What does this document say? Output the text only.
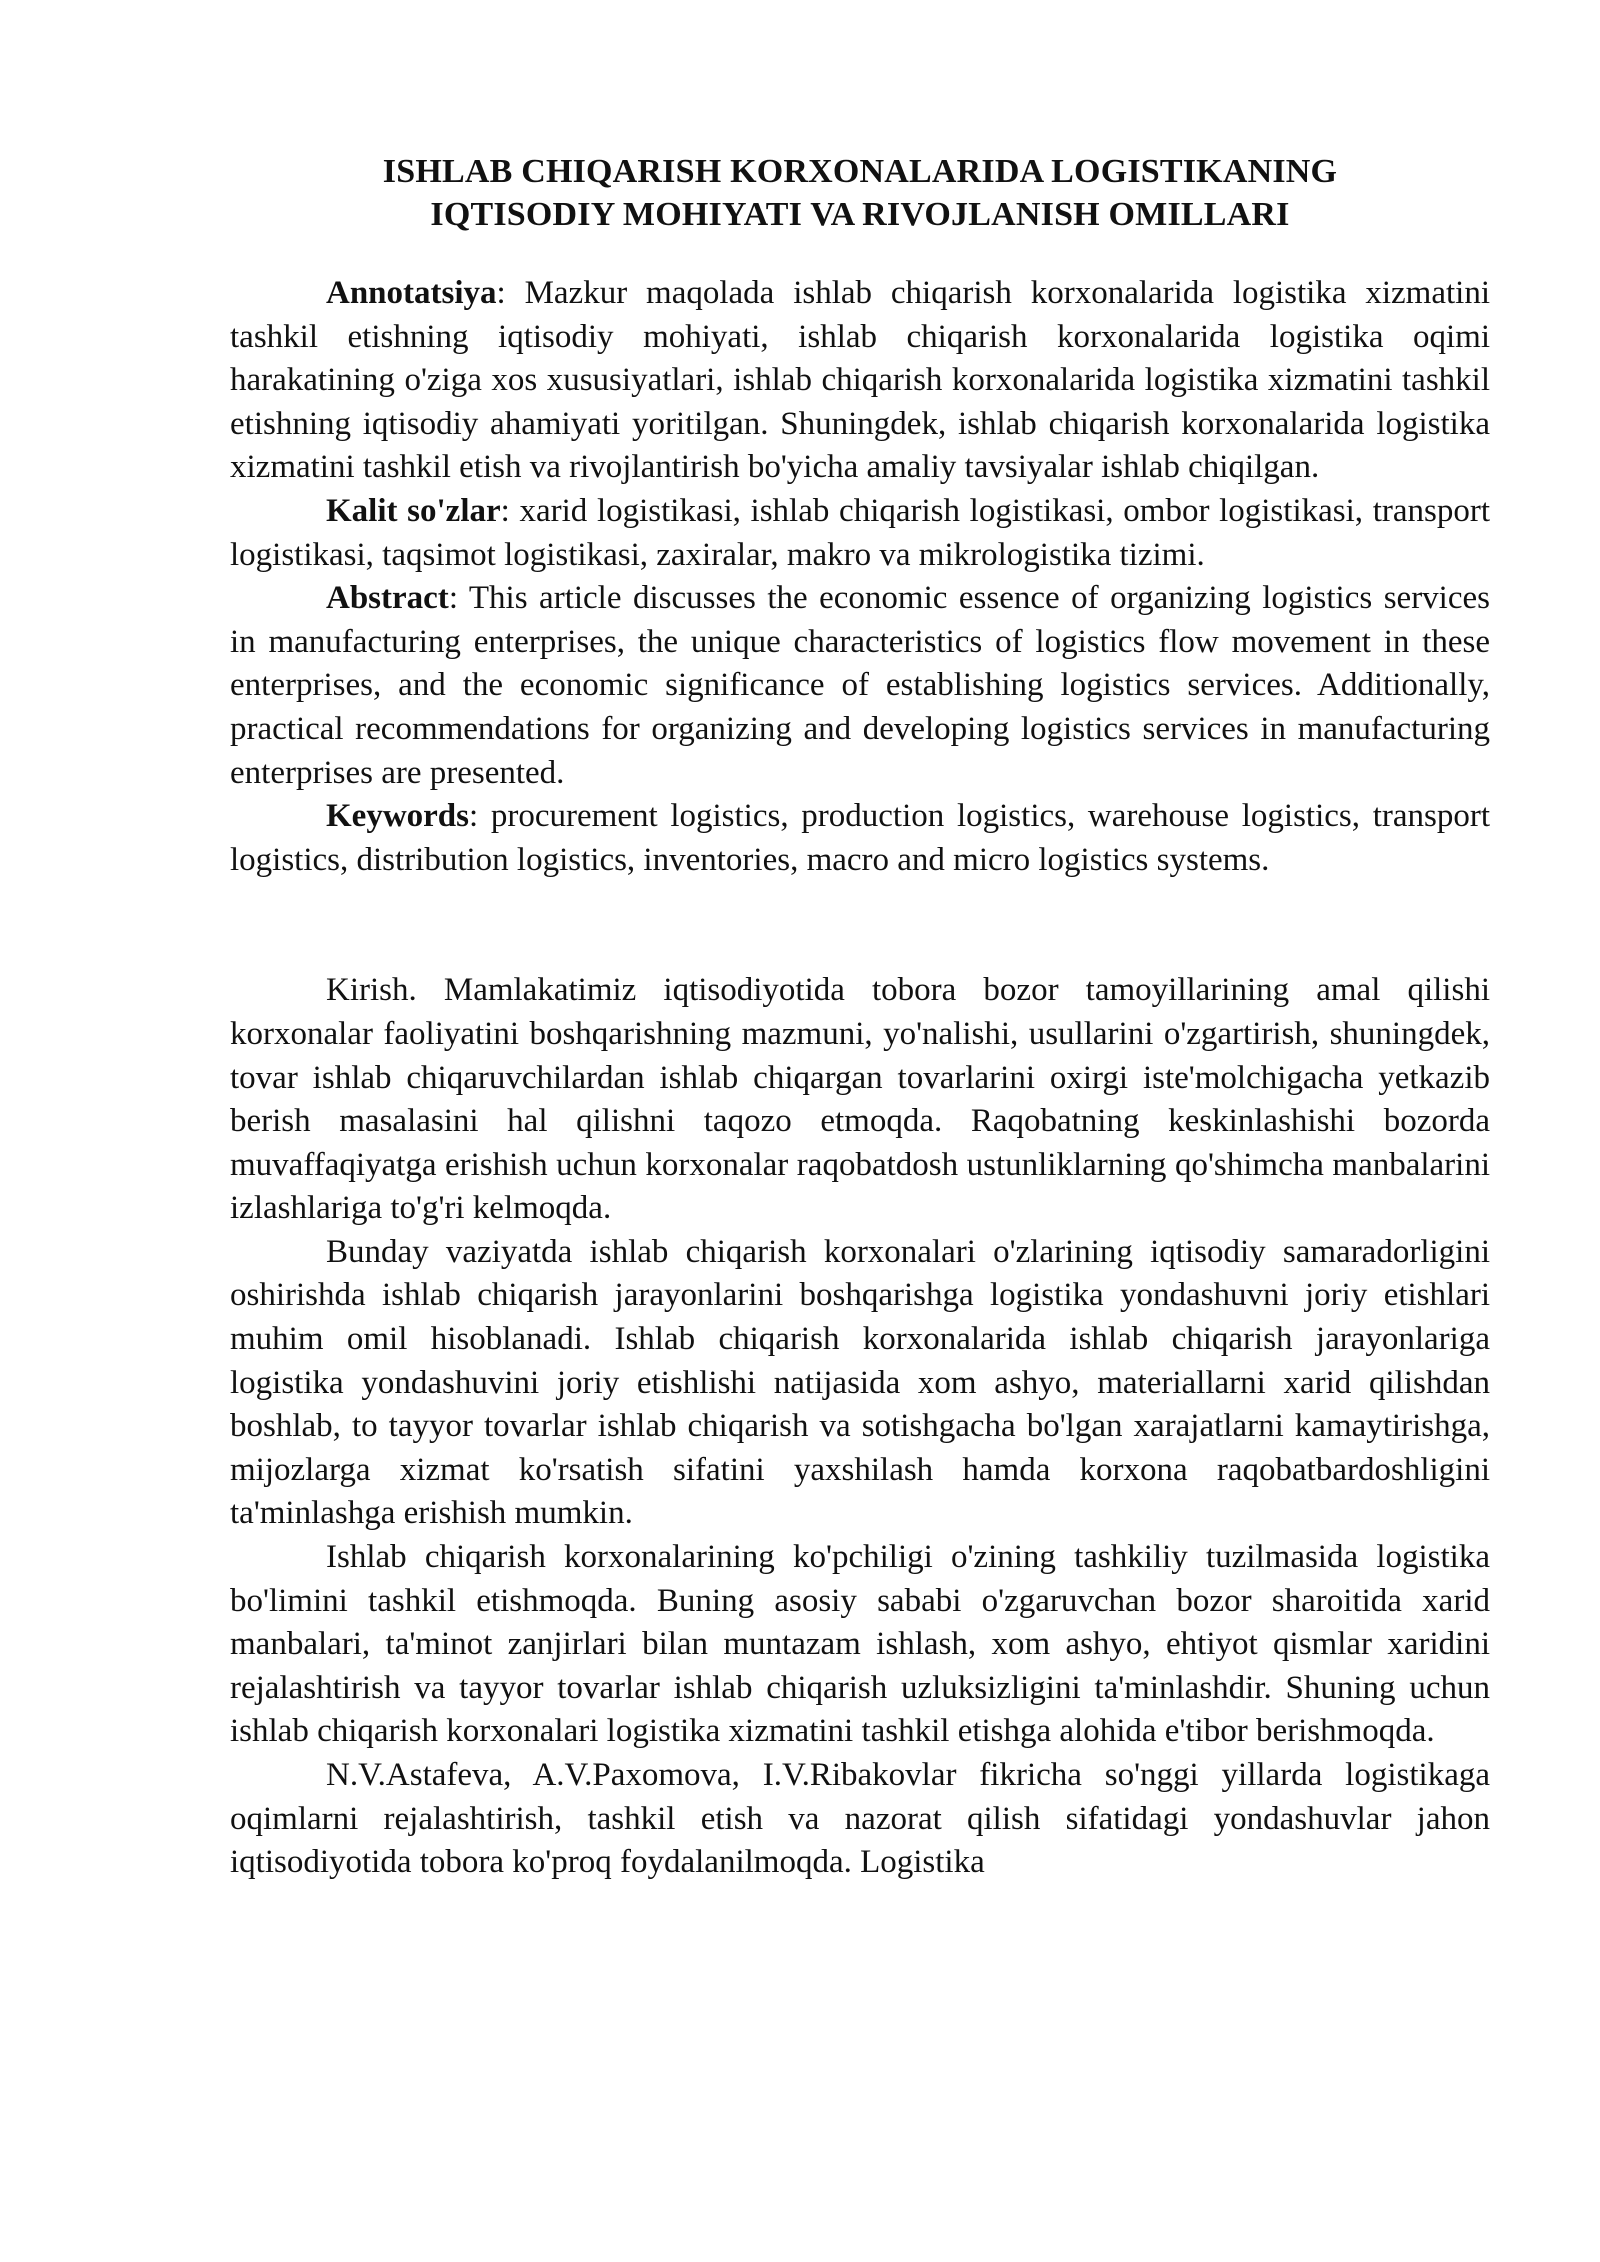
ISHLAB CHIQARISH KORXONALARIDA LOGISTIKANING
IQTISODIY MOHIYATI VA RIVOJLANISH OMILLARI

Annotatsiya: Mazkur maqolada ishlab chiqarish korxonalarida logistika xizmatini tashkil etishning iqtisodiy mohiyati, ishlab chiqarish korxonalarida logistika oqimi harakatining o'ziga xos xususiyatlari, ishlab chiqarish korxonalarida logistika xizmatini tashkil etishning iqtisodiy ahamiyati yoritilgan. Shuningdek, ishlab chiqarish korxonalarida logistika xizmatini tashkil etish va rivojlantirish bo'yicha amaliy tavsiyalar ishlab chiqilgan.

Kalit so'zlar: xarid logistikasi, ishlab chiqarish logistikasi, ombor logistikasi, transport logistikasi, taqsimot logistikasi, zaxiralar, makro va mikrologistika tizimi.

Abstract: This article discusses the economic essence of organizing logistics services in manufacturing enterprises, the unique characteristics of logistics flow movement in these enterprises, and the economic significance of establishing logistics services. Additionally, practical recommendations for organizing and developing logistics services in manufacturing enterprises are presented.

Keywords: procurement logistics, production logistics, warehouse logistics, transport logistics, distribution logistics, inventories, macro and micro logistics systems.

Kirish. Mamlakatimiz iqtisodiyotida tobora bozor tamoyillarining amal qilishi korxonalar faoliyatini boshqarishning mazmuni, yo'nalishi, usullarini o'zgartirish, shuningdek, tovar ishlab chiqaruvchilardan ishlab chiqargan tovarlarini oxirgi iste'molchigacha yetkazib berish masalasini hal qilishni taqozo etmoqda. Raqobatning keskinlashishi bozorda muvaffaqiyatga erishish uchun korxonalar raqobatdosh ustunliklarning qo'shimcha manbalarini izlashlariga to'g'ri kelmoqda.

Bunday vaziyatda ishlab chiqarish korxonalari o'zlarining iqtisodiy samaradorligini oshirishda ishlab chiqarish jarayonlarini boshqarishga logistika yondashuvni joriy etishlari muhim omil hisoblanadi. Ishlab chiqarish korxonalarida ishlab chiqarish jarayonlariga logistika yondashuvini joriy etishlishi natijasida xom ashyo, materiallarni xarid qilishdan boshlab, to tayyor tovarlar ishlab chiqarish va sotishgacha bo'lgan xarajatlarni kamaytirishga, mijozlarga xizmat ko'rsatish sifatini yaxshilash hamda korxona raqobatbardoshligini ta'minlashga erishish mumkin.

Ishlab chiqarish korxonalarining ko'pchiligi o'zining tashkiliy tuzilmasida logistika bo'limini tashkil etishmoqda. Buning asosiy sababi o'zgaruvchan bozor sharoitida xarid manbalari, ta'minot zanjirlari bilan muntazam ishlash, xom ashyo, ehtiyot qismlar xaridini rejalashtirish va tayyor tovarlar ishlab chiqarish uzluksizligini ta'minlashdir. Shuning uchun ishlab chiqarish korxonalari logistika xizmatini tashkil etishga alohida e'tibor berishmoqda.

N.V.Astafeva, A.V.Paxomova, I.V.Ribakovlar fikricha so'nggi yillarda logistikaga oqimlarni rejalashtirish, tashkil etish va nazorat qilish sifatidagi yondashuvlar jahon iqtisodiyotida tobora ko'proq foydalanilmoqda. Logistika
